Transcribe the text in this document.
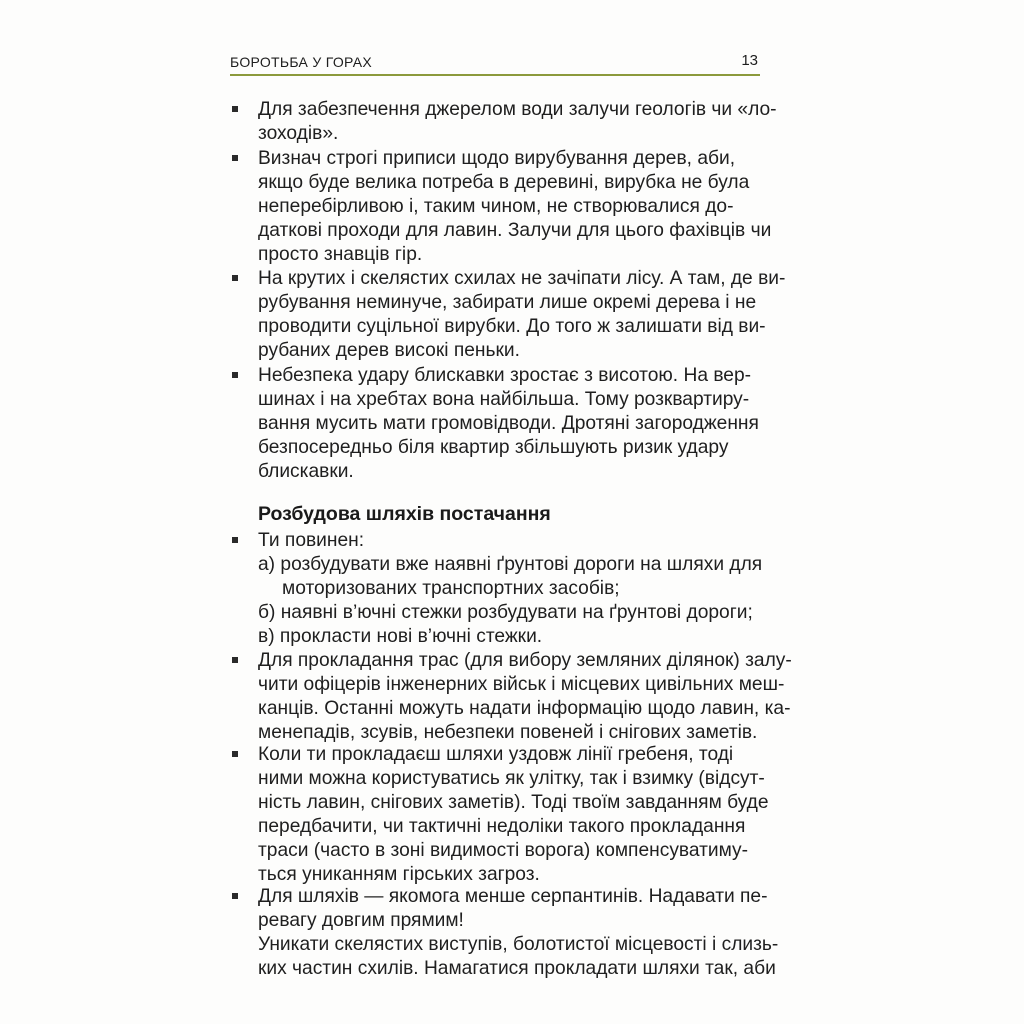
БОРОТЬБА У ГОРАХ	13
Для забезпечення джерелом води залучи геологів чи «ло-
зоходів».
Визнач строгі приписи щодо вирубування дерев, аби,
якщо буде велика потреба в деревині, вирубка не була
неперебірливою і, таким чином, не створювалися до-
даткові проходи для лавин. Залучи для цього фахівців чи
просто знавців гір.
На крутих і скелястих схилах не зачіпати лісу. А там, де ви-
рубування неминуче, забирати лише окремі дерева і не
проводити суцільної вирубки. До того ж залишати від ви-
рубаних дерев високі пеньки.
Небезпека удару блискавки зростає з висотою. На вер-
шинах і на хребтах вона найбільша. Тому розквартиру-
вання мусить мати громовідводи. Дротяні загородження
безпосередньо біля квартир збільшують ризик удару
блискавки.
Розбудова шляхів постачання
Ти повинен:
а) розбудувати вже наявні ґрунтові дороги на шляхи для
моторизованих транспортних засобів;
б) наявні в’ючні стежки розбудувати на ґрунтові дороги;
в) прокласти нові в’ючні стежки.
Для прокладання трас (для вибору земляних ділянок) залу-
чити офіцерів інженерних військ і місцевих цивільних меш-
канців. Останні можуть надати інформацію щодо лавин, ка-
менепадів, зсувів, небезпеки повеней і снігових заметів.
Коли ти прокладаєш шляхи уздовж лінії гребеня, тоді
ними можна користуватись як улітку, так і взимку (відсут-
ність лавин, снігових заметів). Тоді твоїм завданням буде
передбачити, чи тактичні недоліки такого прокладання
траси (часто в зоні видимості ворога) компенсуватиму-
ться униканням гірських загроз.
Для шляхів — якомога менше серпантинів. Надавати пе-
ревагу довгим прямим!
Уникати скелястих виступів, болотистої місцевості і слизь-
ких частин схилів. Намагатися прокладати шляхи так, аби
